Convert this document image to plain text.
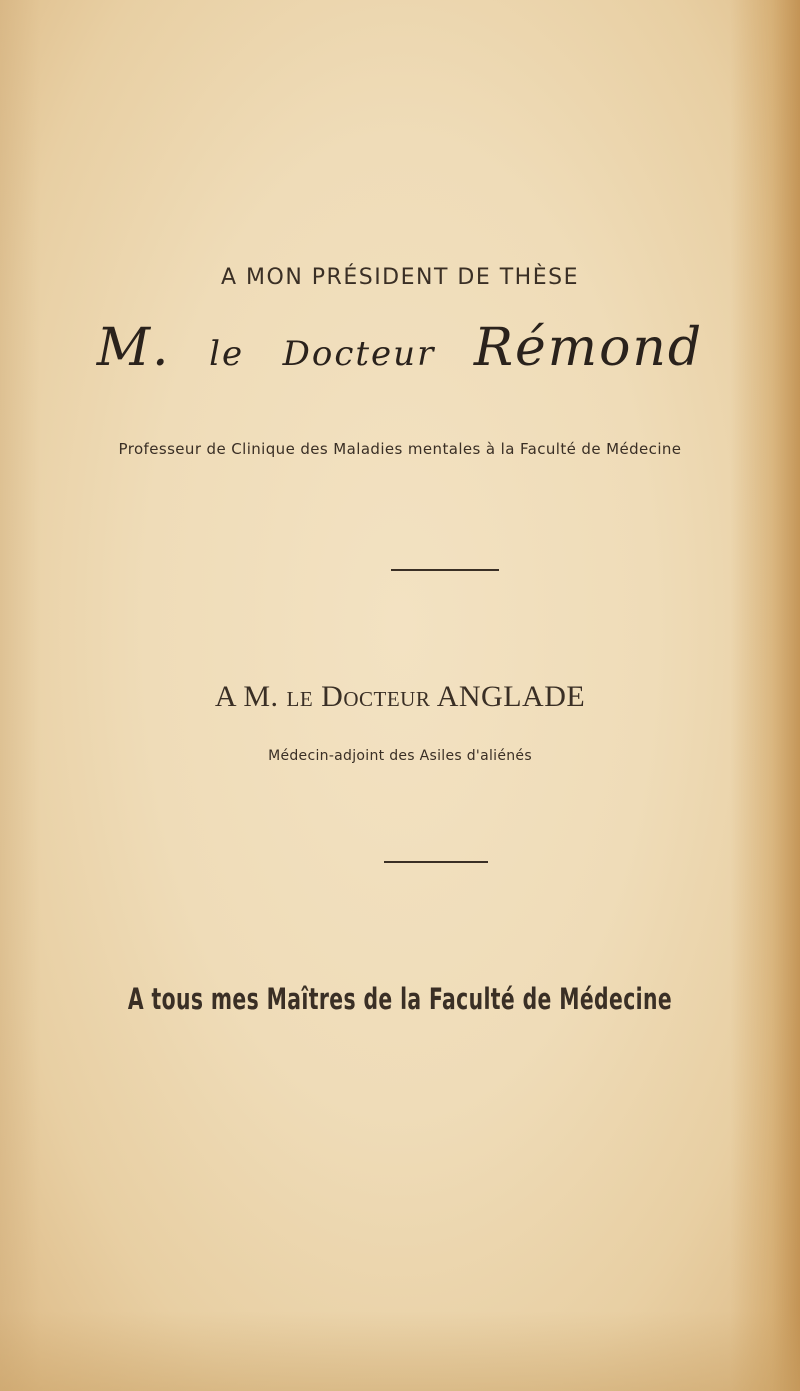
A MON PRÉSIDENT DE THÈSE
M. le Docteur Rémond
Professeur de Clinique des Maladies mentales à la Faculté de Médecine
A M. le Docteur ANGLADE
Médecin-adjoint des Asiles d'aliénés
A tous mes Maîtres de la Faculté de Médecine
